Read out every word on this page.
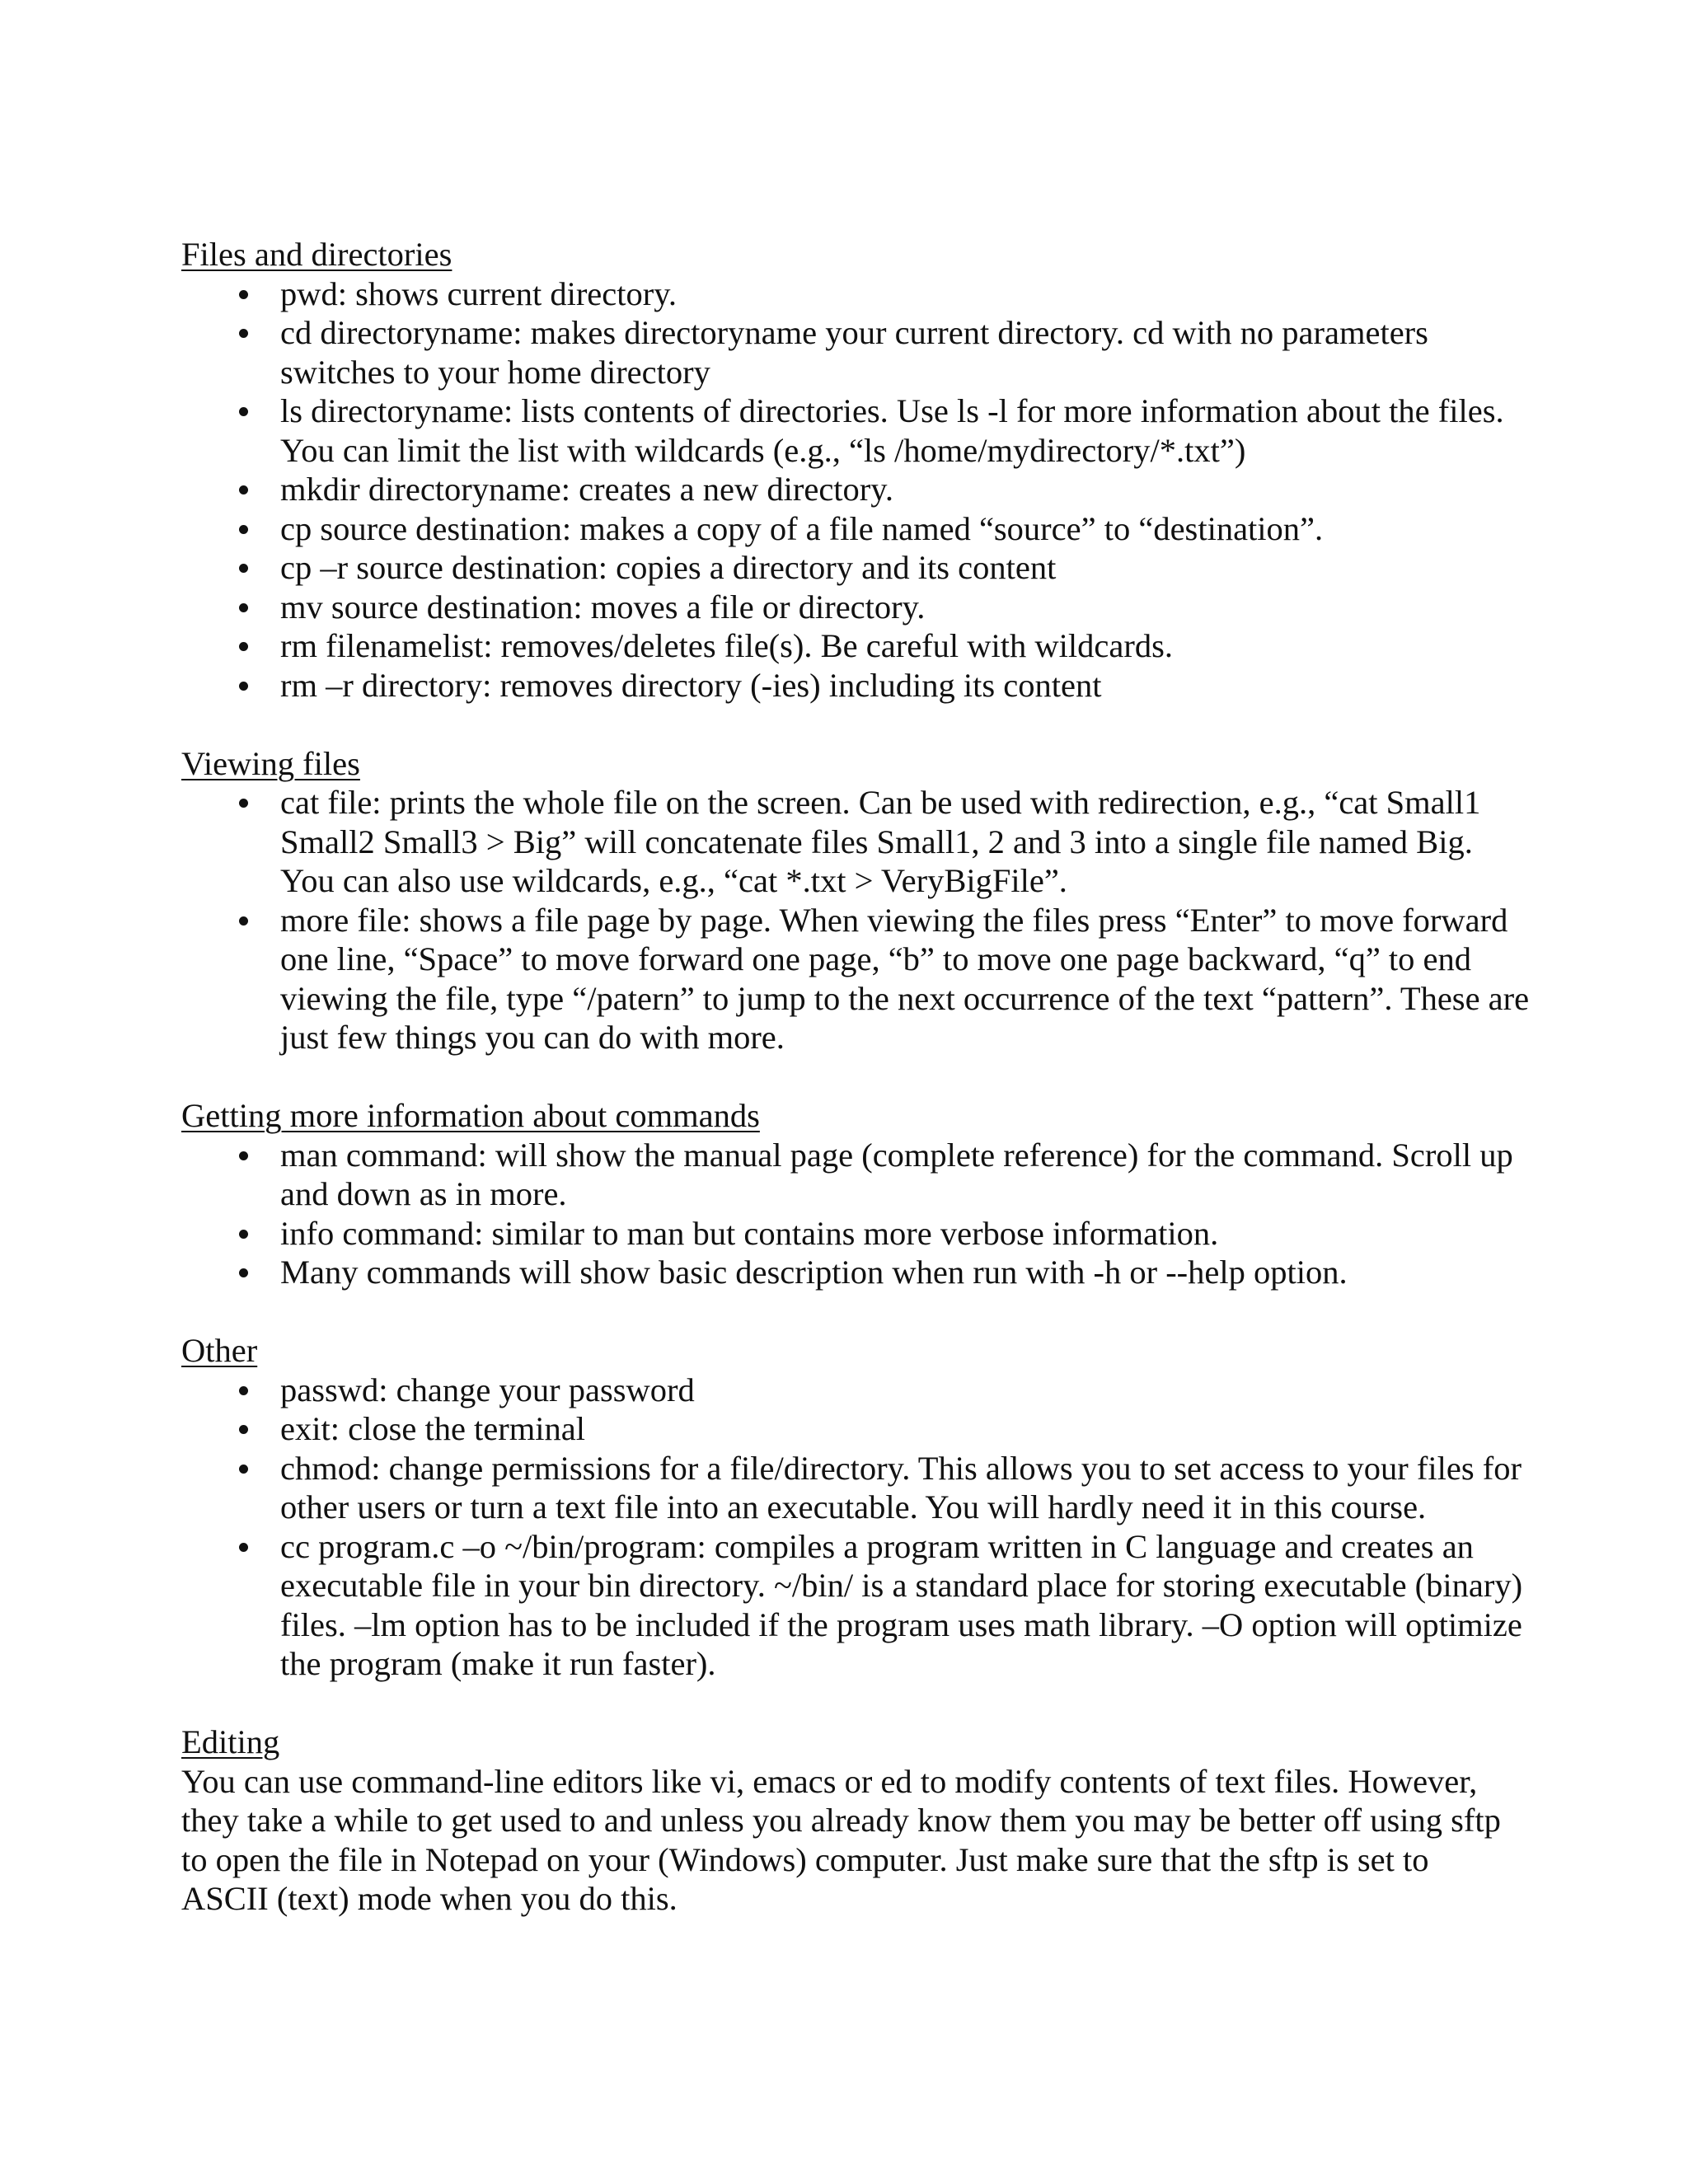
Files and directories

pwd: shows current directory.
cd directoryname: makes directoryname your current directory. cd with no parameters switches to your home directory
ls directoryname: lists contents of directories. Use ls -l for more information about the files. You can limit the list with wildcards (e.g., “ls /home/mydirectory/*.txt”)
mkdir directoryname: creates a new directory.
cp source destination: makes a copy of a file named “source” to “destination”.
cp –r source destination: copies a directory and its content
mv source destination: moves a file or directory.
rm filenamelist: removes/deletes file(s). Be careful with wildcards.
rm –r directory: removes directory (-ies) including its content

Viewing files

cat file: prints the whole file on the screen. Can be used with redirection, e.g., “cat Small1 Small2 Small3 > Big” will concatenate files Small1, 2 and 3 into a single file named Big. You can also use wildcards, e.g., “cat *.txt > VeryBigFile”.
more file: shows a file page by page. When viewing the files press “Enter” to move forward one line, “Space” to move forward one page, “b” to move one page backward, “q” to end viewing the file, type “/patern” to jump to the next occurrence of the text “pattern”. These are just few things you can do with more.

Getting more information about commands

man command: will show the manual page (complete reference) for the command. Scroll up and down as in more.
info command: similar to man but contains more verbose information.
Many commands will show basic description when run with -h or --help option.

Other

passwd: change your password
exit: close the terminal
chmod: change permissions for a file/directory. This allows you to set access to your files for other users or turn a text file into an executable. You will hardly need it in this course.
cc program.c –o ~/bin/program: compiles a program written in C language and creates an executable file in your bin directory. ~/bin/ is a standard place for storing executable (binary) files. –lm option has to be included if the program uses math library. –O option will optimize the program (make it run faster).

Editing

You can use command-line editors like vi, emacs or ed to modify contents of text files. However, they take a while to get used to and unless you already know them you may be better off using sftp to open the file in Notepad on your (Windows) computer. Just make sure that the sftp is set to ASCII (text) mode when you do this.
